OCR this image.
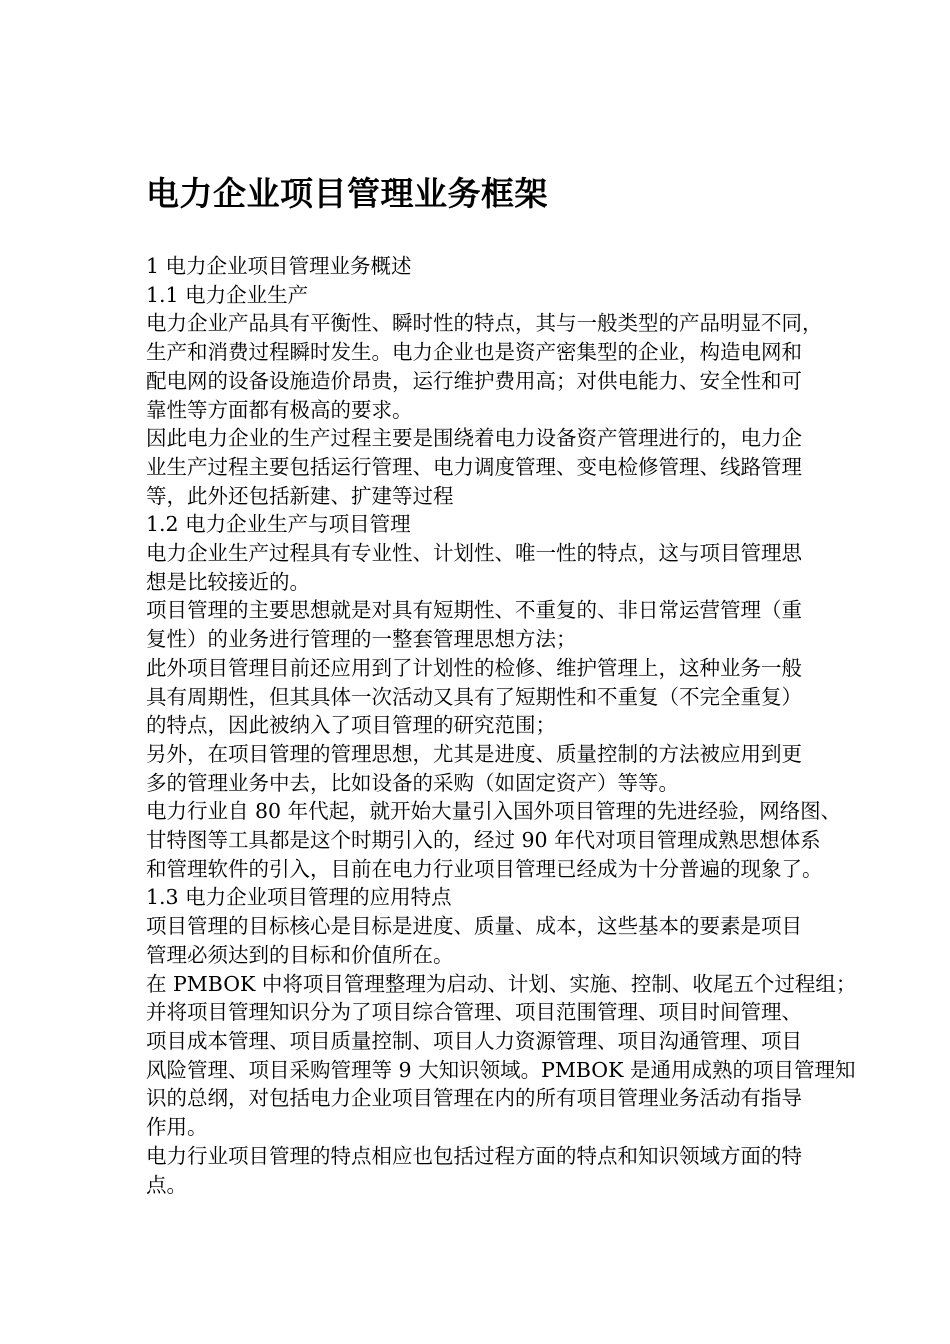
电力企业项目管理业务框架

1 电力企业项目管理业务概述

1.1 电力企业生产

电力企业产品具有平衡性、瞬时性的特点，其与一般类型的产品明显不同，

生产和消费过程瞬时发生。电力企业也是资产密集型的企业，构造电网和

配电网的设备设施造价昂贵，运行维护费用高；对供电能力、安全性和可

靠性等方面都有极高的要求。

因此电力企业的生产过程主要是围绕着电力设备资产管理进行的，电力企

业生产过程主要包括运行管理、电力调度管理、变电检修管理、线路管理

等，此外还包括新建、扩建等过程

1.2 电力企业生产与项目管理

电力企业生产过程具有专业性、计划性、唯一性的特点，这与项目管理思

想是比较接近的。

项目管理的主要思想就是对具有短期性、不重复的、非日常运营管理（重

复性）的业务进行管理的一整套管理思想方法；

此外项目管理目前还应用到了计划性的检修、维护管理上，这种业务一般

具有周期性，但其具体一次活动又具有了短期性和不重复（不完全重复）

的特点，因此被纳入了项目管理的研究范围；

另外，在项目管理的管理思想，尤其是进度、质量控制的方法被应用到更

多的管理业务中去，比如设备的采购（如固定资产）等等。

电力行业自 80 年代起，就开始大量引入国外项目管理的先进经验，网络图、

甘特图等工具都是这个时期引入的，经过 90 年代对项目管理成熟思想体系

和管理软件的引入，目前在电力行业项目管理已经成为十分普遍的现象了。

1.3 电力企业项目管理的应用特点

项目管理的目标核心是目标是进度、质量、成本，这些基本的要素是项目

管理必须达到的目标和价值所在。

在 PMBOK 中将项目管理整理为启动、计划、实施、控制、收尾五个过程组；

并将项目管理知识分为了项目综合管理、项目范围管理、项目时间管理、

项目成本管理、项目质量控制、项目人力资源管理、项目沟通管理、项目

风险管理、项目采购管理等 9 大知识领域。PMBOK 是通用成熟的项目管理知

识的总纲，对包括电力企业项目管理在内的所有项目管理业务活动有指导

作用。

电力行业项目管理的特点相应也包括过程方面的特点和知识领域方面的特

点。
